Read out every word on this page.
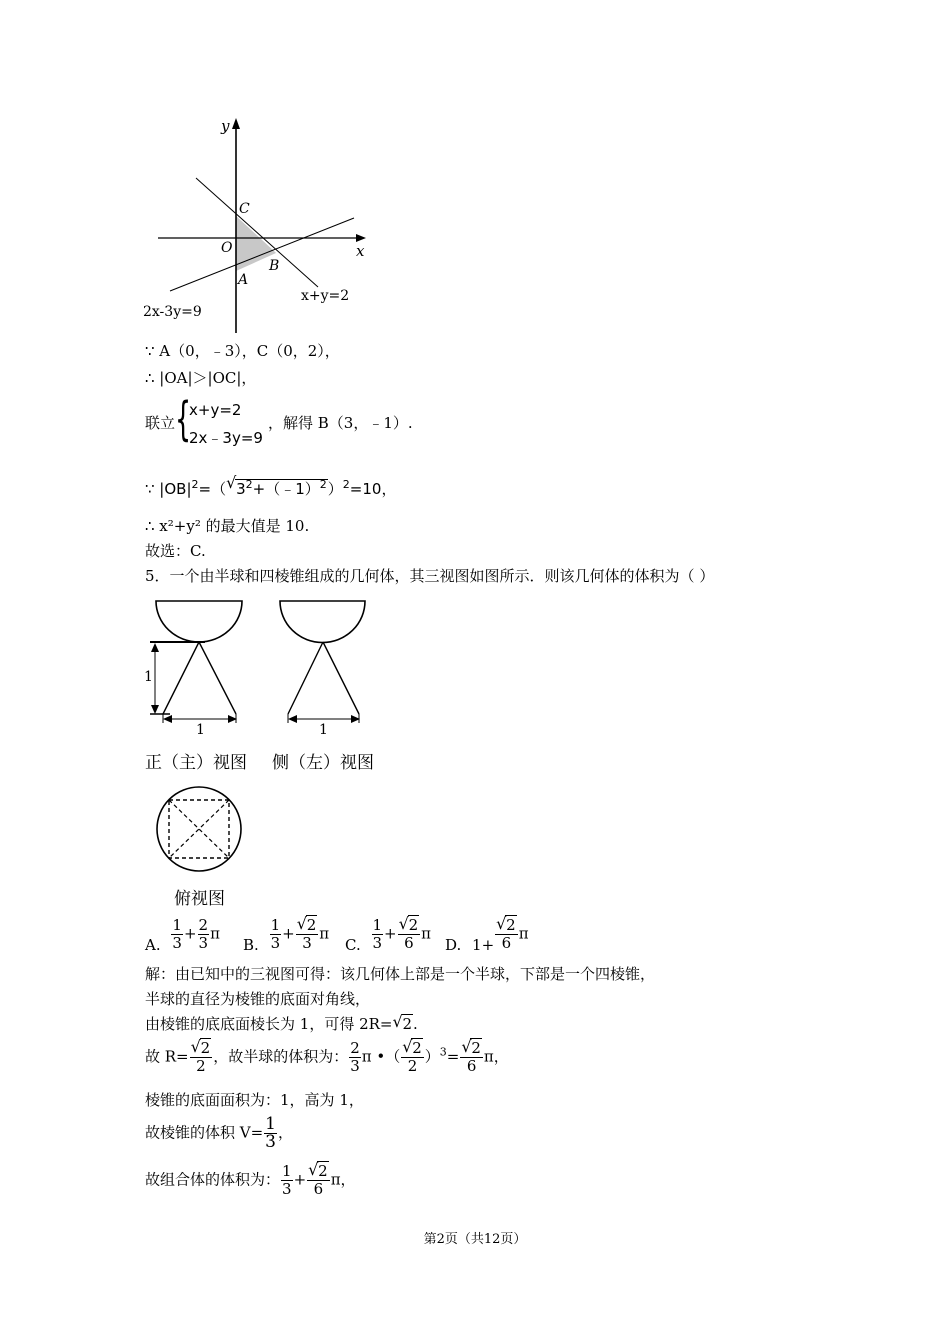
y
x
C
O
B
A
x+y=2
2x-3y=9
∵ A（0，﹣3），C（0，2），
∴ |OA|＞|OC|，
联立 {
x+y=2
2x﹣3y=9
，解得 B（3，﹣1）.
∵ $|OB|^2=$（ √ $3^2+(﹣1)^2)^2=10$，
∴ x²+y² 的最大值是 10.
故选：C.
5．一个由半球和四棱锥组成的几何体，其三视图如图所示．则该几何体的体积为（ ）
1
1	1
正（主）视图 侧（左）视图
俯视图
A. $\frac{1}{3} + \frac{2}{3}$ π
B. $\frac{1}{3} + \frac{√ 2}{3}$ π
C. $\frac{1}{3} + \frac{√ 2}{6}$ π
D. $1+ \frac{√ 2}{6}$ π
解：由已知中的三视图可得：该几何体上部是一个半球，下部是一个四棱锥，
半球的直径为棱锥的底面对角线，
由棱锥的底底面棱长为 1，可得 2R= √ 2.
故 $R= \frac{√ 2}{2}$ ，故半球的体积为： $\frac{2}{3}$ π •（ $\frac{√ 2}{2} )^3= \frac{√ 2}{6}$ π，
棱锥的底面面积为：1，高为 1，
故棱锥的体积 $V= \frac{1}{3}$ ，
故组合体的体积为： $\frac{1}{3} + \frac{√ 2}{6}$ π，
第2页（共12页）
